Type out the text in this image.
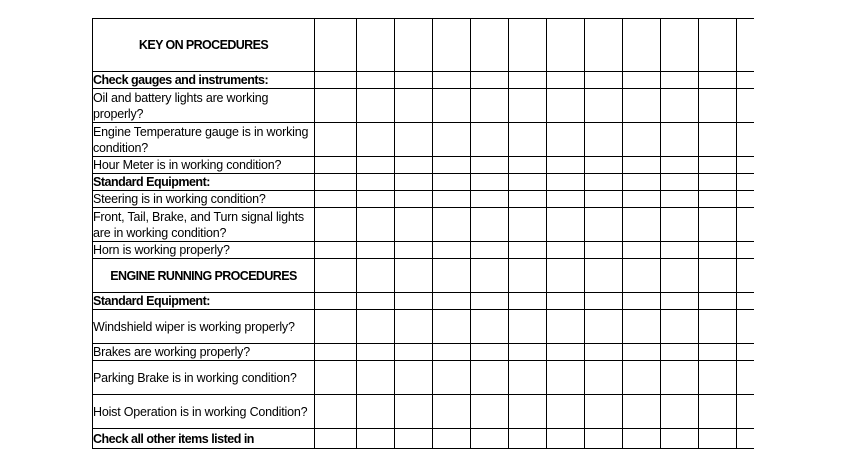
KEY ON PROCEDURES												
Check gauges and instruments:												
Oil and battery lights are working properly?												
Engine Temperature gauge is in working condition?												
Hour Meter is in working condition?												
Standard Equipment:												
Steering is in working condition?												
Front, Tail, Brake, and Turn signal lights are in working condition?												
Horn is working properly?												
ENGINE RUNNING PROCEDURES												
Standard Equipment:												
Windshield wiper is working properly?												
Brakes are working properly?												
Parking Brake is in working condition?												
Hoist Operation is in working Condition?												
Check all other items listed in												
